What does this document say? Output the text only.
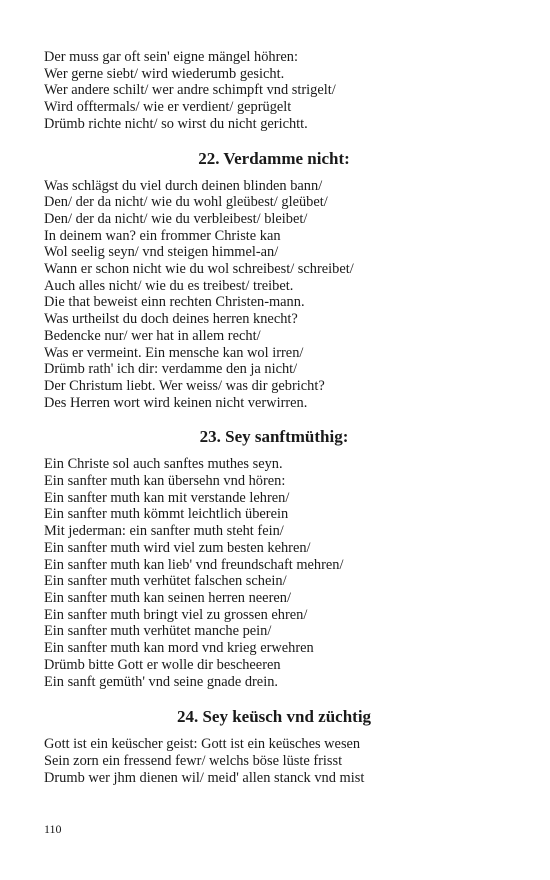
Der muss gar oft sein' eigne mängel höhren:

Wer gerne siebt/ wird wiederumb gesicht.

Wer andere schilt/ wer andre schimpft vnd strigelt/

Wird offtermals/ wie er verdient/ geprügelt

Drümb richte nicht/ so wirst du nicht gerichtt.

22. Verdamme nicht:

Was schlägst du viel durch deinen blinden bann/

Den/ der da nicht/ wie du wohl gleübest/ gleübet/

Den/ der da nicht/ wie du verbleibest/ bleibet/

In deinem wan? ein frommer Christe kan

Wol seelig seyn/ vnd steigen himmel-an/

Wann er schon nicht wie du wol schreibest/ schreibet/

Auch alles nicht/ wie du es treibest/ treibet.

Die that beweist einn rechten Christen-mann.

Was urtheilst du doch deines herren knecht?

Bedencke nur/ wer hat in allem recht/

Was er vermeint. Ein mensche kan wol irren/

Drümb rath' ich dir: verdamme den ja nicht/

Der Christum liebt. Wer weiss/ was dir gebricht?

Des Herren wort wird keinen nicht verwirren.

23. Sey sanftmüthig:

Ein Christe sol auch sanftes muthes seyn.

Ein sanfter muth kan übersehn vnd hören:

Ein sanfter muth kan mit verstande lehren/

Ein sanfter muth kömmt leichtlich überein

Mit jederman: ein sanfter muth steht fein/

Ein sanfter muth wird viel zum besten kehren/

Ein sanfter muth kan lieb' vnd freundschaft mehren/

Ein sanfter muth verhütet falschen schein/

Ein sanfter muth kan seinen herren neeren/

Ein sanfter muth bringt viel zu grossen ehren/

Ein sanfter muth verhütet manche pein/

Ein sanfter muth kan mord vnd krieg erwehren

Drümb bitte Gott er wolle dir bescheeren

Ein sanft gemüth' vnd seine gnade drein.

24. Sey keüsch vnd züchtig

Gott ist ein keüscher geist: Gott ist ein keüsches wesen

Sein zorn ein fressend fewr/ welchs böse lüste frisst

Drumb wer jhm dienen wil/ meid' allen stanck vnd mist

110
